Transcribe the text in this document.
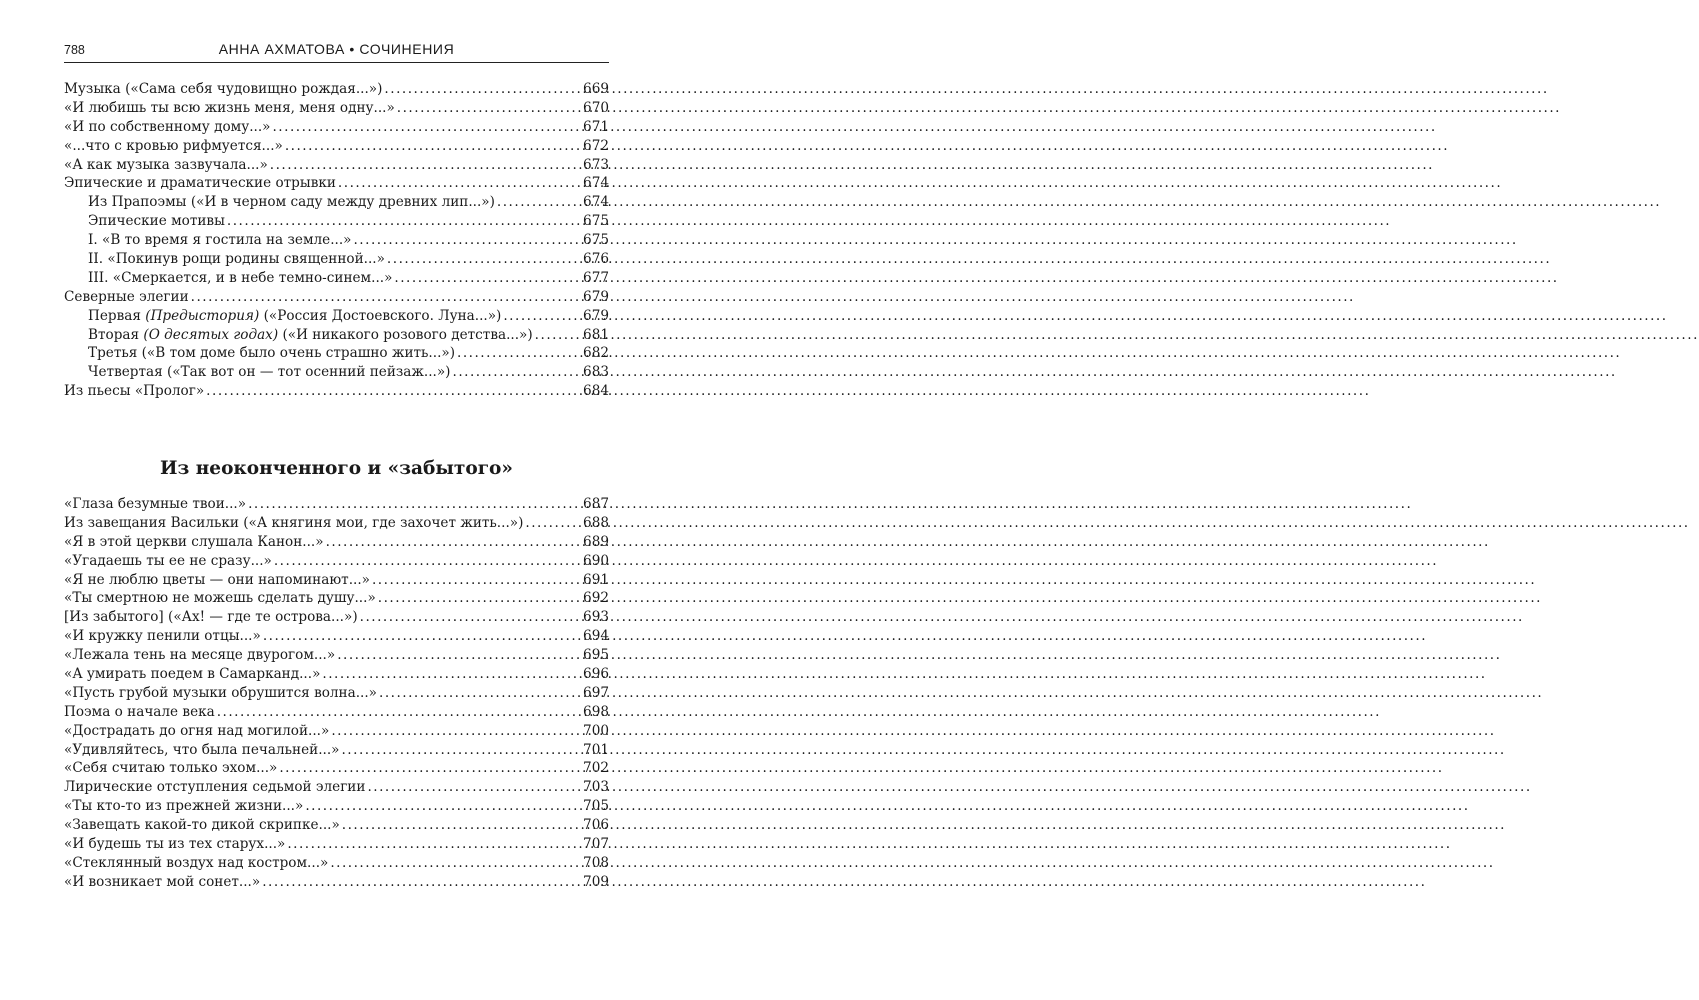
788	АННА АХМАТОВА • СОЧИНЕНИЯ
Музыка («Сама себя чудовищно рождая...») .....	669
«И любишь ты всю жизнь меня, меня одну...» .....	670
«И по собственному дому...» .....	671
«...что с кровью рифмуется...» .....	672
«А как музыка зазвучала...» .....	673
Эпические и драматические отрывки .....	674
Из Прапоэмы («И в черном саду между древних лип...») .....	674
Эпические мотивы .....	675
I. «В то время я гостила на земле...» .....	675
II. «Покинув рощи родины священной...» .....	676
III. «Смеркается, и в небе темно-синем...» .....	677
Северные элегии .....	679
Первая (Предыстория) («Россия Достоевского. Луна...») .....	679
Вторая (О десятых годах) («И никакого розового детства...») .....	681
Третья («В том доме было очень страшно жить...») .....	682
Четвертая («Так вот он — тот осенний пейзаж...») .....	683
Из пьесы «Пролог» .....	684
Из неоконченного и «забытого»
«Глаза безумные твои...» .....	687
Из завещания Васильки («А княгиня мои, где захочет жить...») .....	688
«Я в этой церкви слушала Канон...» .....	689
«Угадаешь ты ее не сразу...» .....	690
«Я не люблю цветы — они напоминают...» .....	691
«Ты смертною не можешь сделать душу...» .....	692
[Из забытого] («Ах! — где те острова...») .....	693
«И кружку пенили отцы...» .....	694
«Лежала тень на месяце двурогом...» .....	695
«А умирать поедем в Самарканд...» .....	696
«Пусть грубой музыки обрушится волна...» .....	697
Поэма о начале века .....	698
«Дострадать до огня над могилой...» .....	700
«Удивляйтесь, что была печальней...» .....	701
«Себя считаю только эхом...» .....	702
Лирические отступления седьмой элегии .....	703
«Ты кто-то из прежней жизни...» .....	705
«Завещать какой-то дикой скрипке...» .....	706
«И будешь ты из тех старух...» .....	707
«Стеклянный воздух над костром...» .....	708
«И возникает мой сонет...» .....	709
